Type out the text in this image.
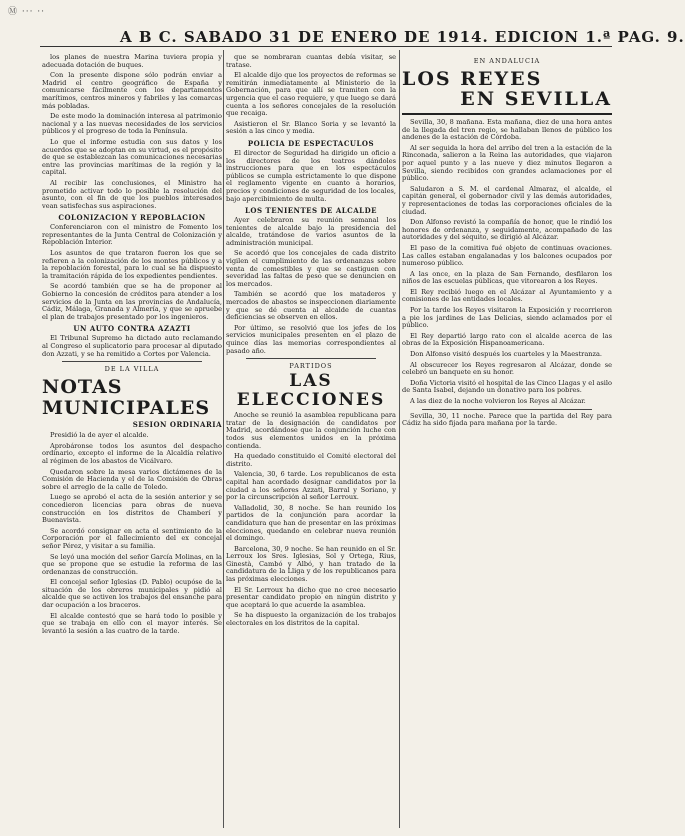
Ⓜ ··· ··
A B C. SABADO 31 DE ENERO DE 1914. EDICION 1.ª PAG. 9.

los planes de nuestra Marina tuviera propia y adecuada dotación de buques.

Con la presente dispone sólo podrán enviar a Madrid el centro geográfico de España y comunicarse fácilmente con los departamentos marítimos, centros mineros y fabriles y las comarcas más pobladas.

De este modo la dominación interesa al patrimonio nacional y a las nuevas necesidades de los servicios públicos y el progreso de toda la Península.

Lo que el informe estudia con sus datos y los acuerdos que se adoptan en su virtud, es el propósito de que se establezcan las comunicaciones necesarias entre las provincias marítimas de la región y la capital.

Al recibir las conclusiones, el Ministro ha prometido activar todo lo posible la resolución del asunto, con el fin de que los pueblos interesados vean satisfechas sus aspiraciones.

COLONIZACION Y REPOBLACION

Conferenciaron con el ministro de Fomento los representantes de la Junta Central de Colonización y Repoblación Interior.

Los asuntos de que trataron fueron los que se refieren a la colonización de los montes públicos y a la repoblación forestal, para lo cual se ha dispuesto la tramitación rápida de los expedientes pendientes.

Se acordó también que se ha de proponer al Gobierno la concesión de créditos para atender a los servicios de la Junta en las provincias de Andalucía, Cádiz, Málaga, Granada y Almería, y que se apruebe el plan de trabajos presentado por los ingenieros.

UN AUTO CONTRA AZAZTI

El Tribunal Supremo ha dictado auto reclamando al Congreso el suplicatorio para procesar al diputado don Azzati, y se ha remitido a Cortes por Valencia.

DE LA VILLA
NOTAS MUNICIPALES
SESION ORDINARIA

Presidió la de ayer el alcalde.

Aprobáronse todos los asuntos del despacho ordinario, excepto el informe de la Alcaldía relativo al régimen de los abastos de Vicálvaro.

Quedaron sobre la mesa varios dictámenes de la Comisión de Hacienda y el de la Comisión de Obras sobre el arreglo de la calle de Toledo.

Luego se aprobó el acta de la sesión anterior y se concedieron licencias para obras de nueva construcción en los distritos de Chamberí y Buenavista.

Se acordó consignar en acta el sentimiento de la Corporación por el fallecimiento del ex concejal señor Pérez, y visitar a su familia.

Se leyó una moción del señor García Molinas, en la que se propone que se estudie la reforma de las ordenanzas de construcción.

El concejal señor Iglesias (D. Pablo) ocupóse de la situación de los obreros municipales y pidió al alcalde que se activen los trabajos del ensanche para dar ocupación a los braceros.

El alcalde contestó que se hará todo lo posible y que se trabaja en ello con el mayor interés. Se levantó la sesión a las cuatro de la tarde.

que se nombraran cuantas debía visitar, se tratase.

El alcalde dijo que los proyectos de reformas se remitirán inmediatamente al Ministerio de la Gobernación, para que allí se tramiten con la urgencia que el caso requiere, y que luego se dará cuenta a los señores concejales de la resolución que recaiga.

Asistieron el Sr. Blanco Soria y se levantó la sesión a las cinco y media.

POLICIA DE ESPECTACULOS

El director de Seguridad ha dirigido un oficio a los directores de los teatros dándoles instrucciones para que en los espectáculos públicos se cumpla estrictamente lo que dispone el reglamento vigente en cuanto a horarios, precios y condiciones de seguridad de los locales, bajo apercibimiento de multa.

LOS TENIENTES DE ALCALDE

Ayer celebraron su reunión semanal los tenientes de alcalde bajo la presidencia del alcalde, tratándose de varios asuntos de la administración municipal.

Se acordó que los concejales de cada distrito vigilen el cumplimiento de las ordenanzas sobre venta de comestibles y que se castiguen con severidad las faltas de peso que se denuncien en los mercados.

También se acordó que los mataderos y mercados de abastos se inspeccionen diariamente y que se dé cuenta al alcalde de cuantas deficiencias se observen en ellos.

Por último, se resolvió que los jefes de los servicios municipales presenten en el plazo de quince días las memorias correspondientes al pasado año.

PARTIDOS
LAS ELECCIONES

Anoche se reunió la asamblea republicana para tratar de la designación de candidatos por Madrid, acordándose que la conjunción luche con todos sus elementos unidos en la próxima contienda.

Ha quedado constituido el Comité electoral del distrito.

Valencia, 30, 6 tarde. Los republicanos de esta capital han acordado designar candidatos por la ciudad a los señores Azzati, Barral y Soriano, y por la circunscripción al señor Lerroux.
Valladolid, 30, 8 noche. Se han reunido los partidos de la conjunción para acordar la candidatura que han de presentar en las próximas elecciones, quedando en celebrar nueva reunión el domingo.
Barcelona, 30, 9 noche. Se han reunido en el Sr. Lerroux los Sres. Iglesias, Sol y Ortega, Rius, Ginestà, Cambó y Albó, y han tratado de la candidatura de la Lliga y de los republicanos para las próximas elecciones.
El Sr. Lerroux ha dicho que no cree necesario presentar candidato propio en ningún distrito y que aceptará lo que acuerde la asamblea.
Se ha dispuesto la organización de los trabajos electorales en los distritos de la capital.
EN ANDALUCIA
LOS REYES
EN SEVILLA

Sevilla, 30, 8 mañana. Esta mañana, diez de una hora antes de la llegada del tren regio, se hallaban llenos de público los andenes de la estación de Córdoba.

Al ser seguida la hora del arribo del tren a la estación de la Rinconada, salieron a la Reina las autoridades, que viajaron por aquel punto y a las nueve y diez minutos llegaron a Sevilla, siendo recibidos con grandes aclamaciones por el público.

Saludaron a S. M. el cardenal Almaraz, el alcalde, el capitán general, el gobernador civil y las demás autoridades, y representaciones de todas las corporaciones oficiales de la ciudad.

Don Alfonso revistó la compañía de honor, que le rindió los honores de ordenanza, y seguidamente, acompañado de las autoridades y del séquito, se dirigió al Alcázar.

El paso de la comitiva fué objeto de continuas ovaciones. Las calles estaban engalanadas y los balcones ocupados por numeroso público.

A las once, en la plaza de San Fernando, desfilaron los niños de las escuelas públicas, que vitorearon a los Reyes.

El Rey recibió luego en el Alcázar al Ayuntamiento y a comisiones de las entidades locales.

Por la tarde los Reyes visitaron la Exposición y recorrieron a pie los jardines de Las Delicias, siendo aclamados por el público.

El Rey departió largo rato con el alcalde acerca de las obras de la Exposición Hispanoamericana.

Don Alfonso visitó después los cuarteles y la Maestranza.

Al obscurecer los Reyes regresaron al Alcázar, donde se celebró un banquete en su honor.

Doña Victoria visitó el hospital de las Cinco Llagas y el asilo de Santa Isabel, dejando un donativo para los pobres.

A las diez de la noche volvieron los Reyes al Alcázar.

Sevilla, 30, 11 noche. Parece que la partida del Rey para Cádiz ha sido fijada para mañana por la tarde.
